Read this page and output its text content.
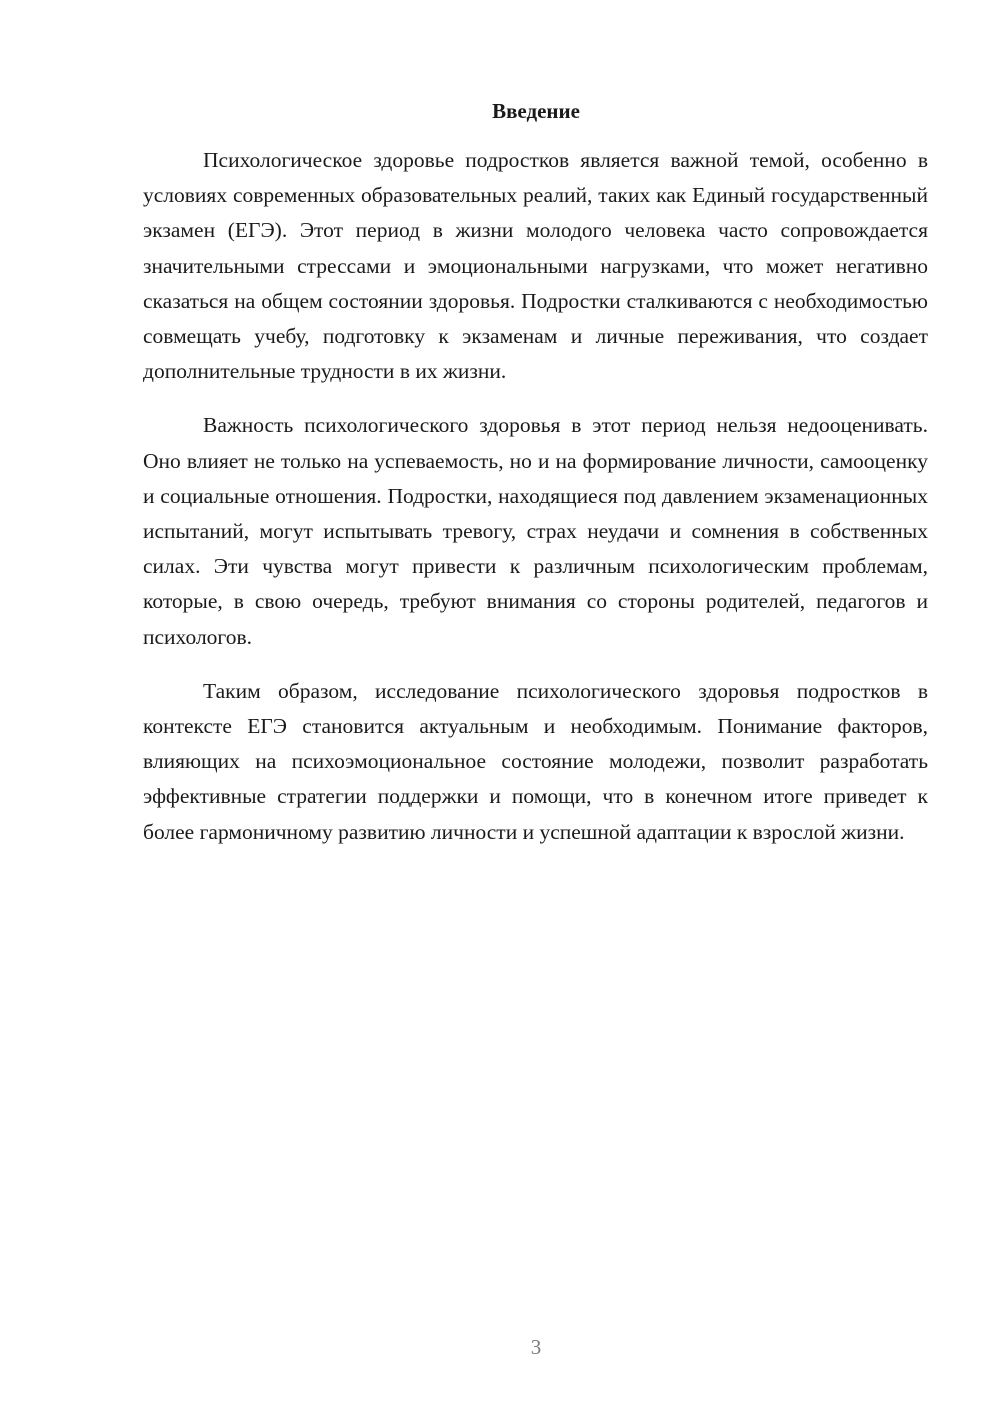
Введение

Психологическое здоровье подростков является важной темой, особенно в условиях современных образовательных реалий, таких как Единый государственный экзамен (ЕГЭ). Этот период в жизни молодого человека часто сопровождается значительными стрессами и эмоциональными нагрузками, что может негативно сказаться на общем состоянии здоровья. Подростки сталкиваются с необходимостью совмещать учебу, подготовку к экзаменам и личные переживания, что создает дополнительные трудности в их жизни.

Важность психологического здоровья в этот период нельзя недооценивать. Оно влияет не только на успеваемость, но и на формирование личности, самооценку и социальные отношения. Подростки, находящиеся под давлением экзаменационных испытаний, могут испытывать тревогу, страх неудачи и сомнения в собственных силах. Эти чувства могут привести к различным психологическим проблемам, которые, в свою очередь, требуют внимания со стороны родителей, педагогов и психологов.

Таким образом, исследование психологического здоровья подростков в контексте ЕГЭ становится актуальным и необходимым. Понимание факторов, влияющих на психоэмоциональное состояние молодежи, позволит разработать эффективные стратегии поддержки и помощи, что в конечном итоге приведет к более гармоничному развитию личности и успешной адаптации к взрослой жизни.

3
